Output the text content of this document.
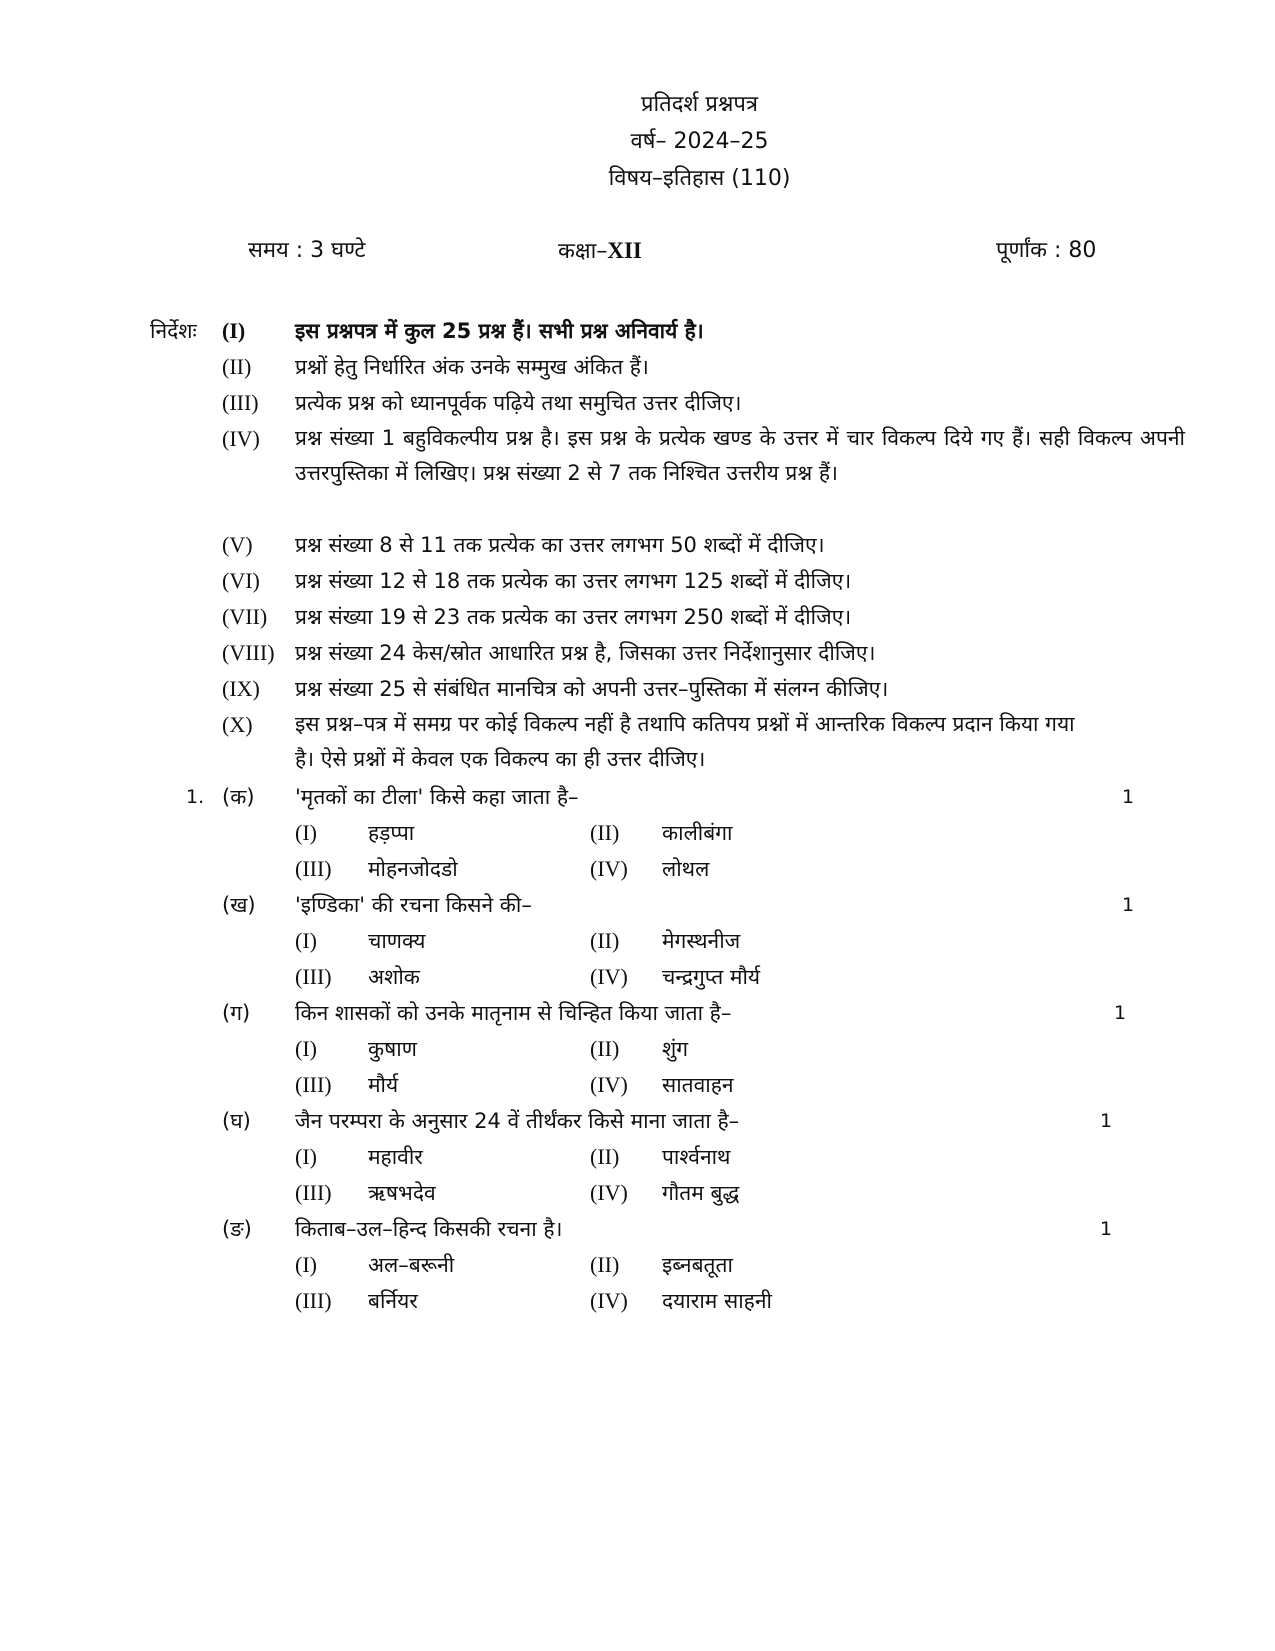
प्रतिदर्श प्रश्नपत्र
वर्ष– 2024–25
विषय–इतिहास (110)
समय : 3 घण्टे	कक्षा–XII	पूर्णांक : 80
निर्देशः (I)	इस प्रश्नपत्र में कुल 25 प्रश्न हैं। सभी प्रश्न अनिवार्य है।
(II)	प्रश्नों हेतु निर्धारित अंक उनके सम्मुख अंकित हैं।
(III)	प्रत्येक प्रश्न को ध्यानपूर्वक पढ़िये तथा समुचित उत्तर दीजिए।
(IV)	प्रश्न संख्या 1 बहुविकल्पीय प्रश्न है। इस प्रश्न के प्रत्येक खण्ड के उत्तर में चार विकल्प दिये गए हैं। सही विकल्प अपनी उत्तरपुस्तिका में लिखिए। प्रश्न संख्या 2 से 7 तक निश्चित उत्तरीय प्रश्न हैं।
(V)	प्रश्न संख्या 8 से 11 तक प्रत्येक का उत्तर लगभग 50 शब्दों में दीजिए।
(VI)	प्रश्न संख्या 12 से 18 तक प्रत्येक का उत्तर लगभग 125 शब्दों में दीजिए।
(VII)	प्रश्न संख्या 19 से 23 तक प्रत्येक का उत्तर लगभग 250 शब्दों में दीजिए।
(VIII) प्रश्न संख्या 24 केस/स्रोत आधारित प्रश्न है, जिसका उत्तर निर्देशानुसार दीजिए।
(IX)	प्रश्न संख्या 25 से संबंधित मानचित्र को अपनी उत्तर–पुस्तिका में संलग्न कीजिए।
(X)	इस प्रश्न–पत्र में समग्र पर कोई विकल्प नहीं है तथापि कतिपय प्रश्नों में आन्तरिक विकल्प प्रदान किया गया है। ऐसे प्रश्नों में केवल एक विकल्प का ही उत्तर दीजिए।
1. (क) 'मृतकों का टीला' किसे कहा जाता है–	1
(I) हड़प्पा	(II) कालीबंगा
(III) मोहनजोदडो	(IV) लोथल
(ख) 'इण्डिका' की रचना किसने की–	1
(I) चाणक्य	(II) मेगस्थनीज
(III) अशोक	(IV) चन्द्रगुप्त मौर्य
(ग) किन शासकों को उनके मातृनाम से चिन्हित किया जाता है–	1
(I) कुषाण	(II) शुंग
(III) मौर्य	(IV) सातवाहन
(घ) जैन परम्परा के अनुसार 24 वें तीर्थंकर किसे माना जाता है–	1
(I) महावीर	(II) पार्श्वनाथ
(III) ऋषभदेव	(IV) गौतम बुद्ध
(ङ) किताब–उल–हिन्द किसकी रचना है।	1
(I) अल–बरूनी	(II) इब्नबतूता
(III) बर्नियर	(IV) दयाराम साहनी
